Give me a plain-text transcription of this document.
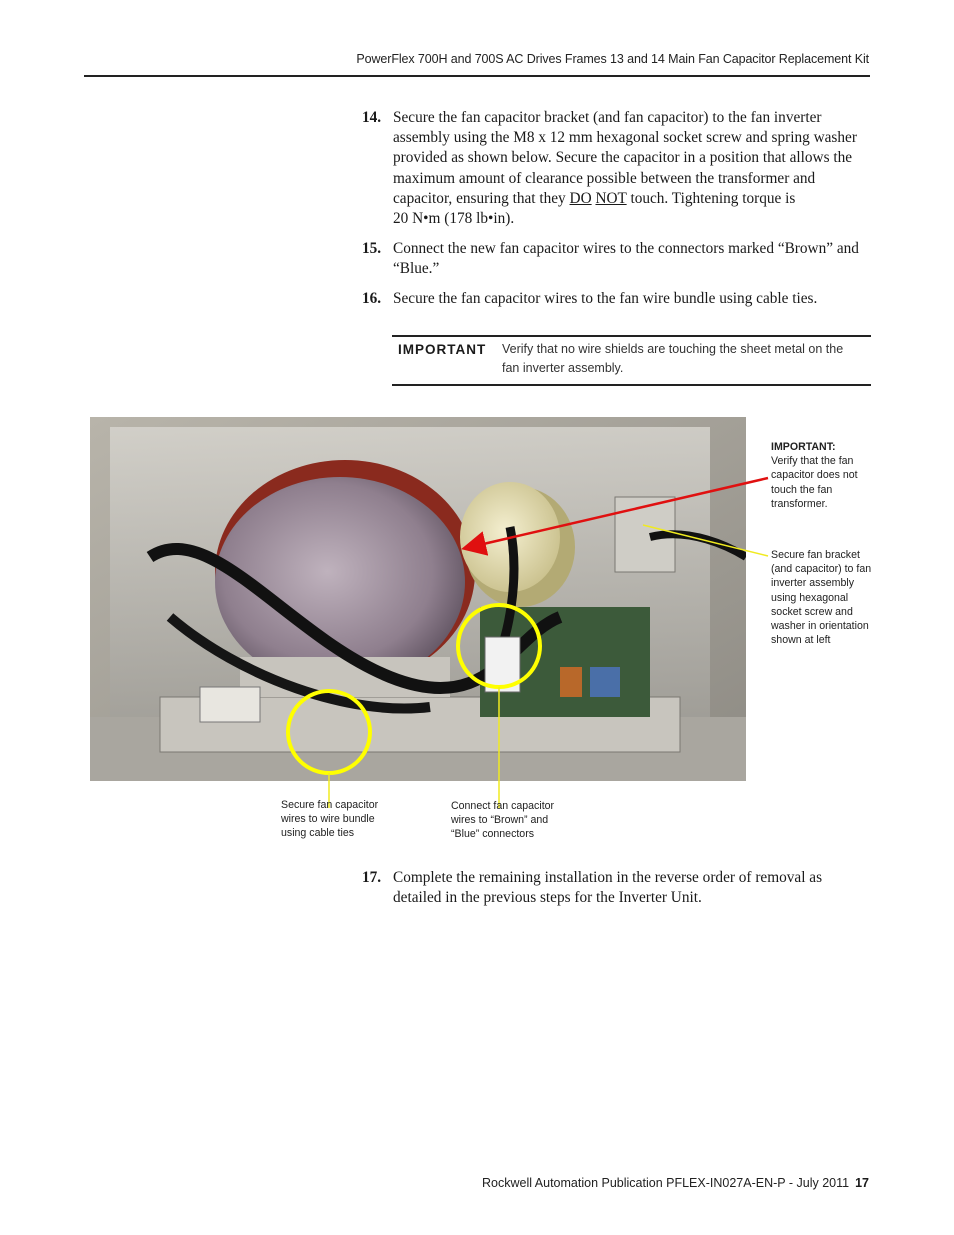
PowerFlex 700H and 700S AC Drives Frames 13 and 14 Main Fan Capacitor Replacement Kit
14. Secure the fan capacitor bracket (and fan capacitor) to the fan inverter assembly using the M8 x 12 mm hexagonal socket screw and spring washer provided as shown below. Secure the capacitor in a position that allows the maximum amount of clearance possible between the transformer and capacitor, ensuring that they DO NOT touch. Tightening torque is
20 N•m (178 lb•in).
15. Connect the new fan capacitor wires to the connectors marked “Brown” and “Blue.”
16. Secure the fan capacitor wires to the fan wire bundle using cable ties.
IMPORTANT Verify that no wire shields are touching the sheet metal on the fan inverter assembly.
IMPORTANT:
Verify that the fan capacitor does not touch the fan transformer.
Secure fan bracket (and capacitor) to fan inverter assembly using hexagonal socket screw and washer in orientation shown at left
Secure fan capacitor wires to wire bundle using cable ties
Connect fan capacitor wires to “Brown” and “Blue” connectors
17. Complete the remaining installation in the reverse order of removal as detailed in the previous steps for the Inverter Unit.
Rockwell Automation Publication PFLEX-IN027A-EN-P - July 2011 17
